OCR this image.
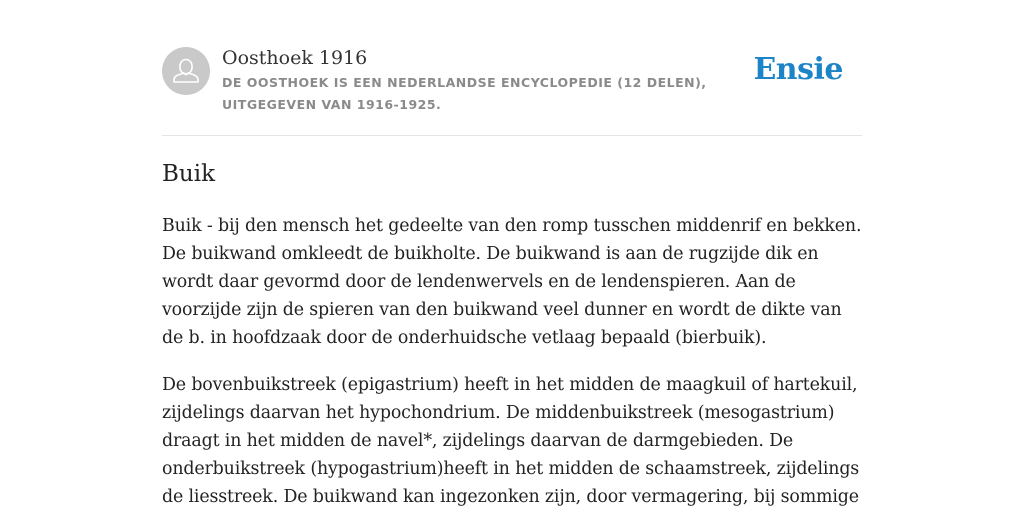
Oosthoek 1916
DE OOSTHOEK IS EEN NEDERLANDSE ENCYCLOPEDIE (12 DELEN), UITGEGEVEN VAN 1916-1925.
Ensie
Buik

Buik - bij den mensch het gedeelte van den romp tusschen middenrif en bekken. De buikwand omkleedt de buikholte. De buikwand is aan de rugzijde dik en wordt daar gevormd door de lendenwervels en de lendenspieren. Aan de voorzijde zijn de spieren van den buikwand veel dunner en wordt de dikte van de b. in hoofdzaak door de onderhuidsche vetlaag bepaald (bierbuik).

De bovenbuikstreek (epigastrium) heeft in het midden de maagkuil of hartekuil, zijdelings daarvan het hypochondrium. De middenbuikstreek (mesogastrium) draagt in het midden de navel*, zijdelings daarvan de darmgebieden. De onderbuikstreek (hypogastrium)heeft in het midden de schaamstreek, zijdelings de liesstreek. De buikwand kan ingezonken zijn, door vermagering, bij sommige
